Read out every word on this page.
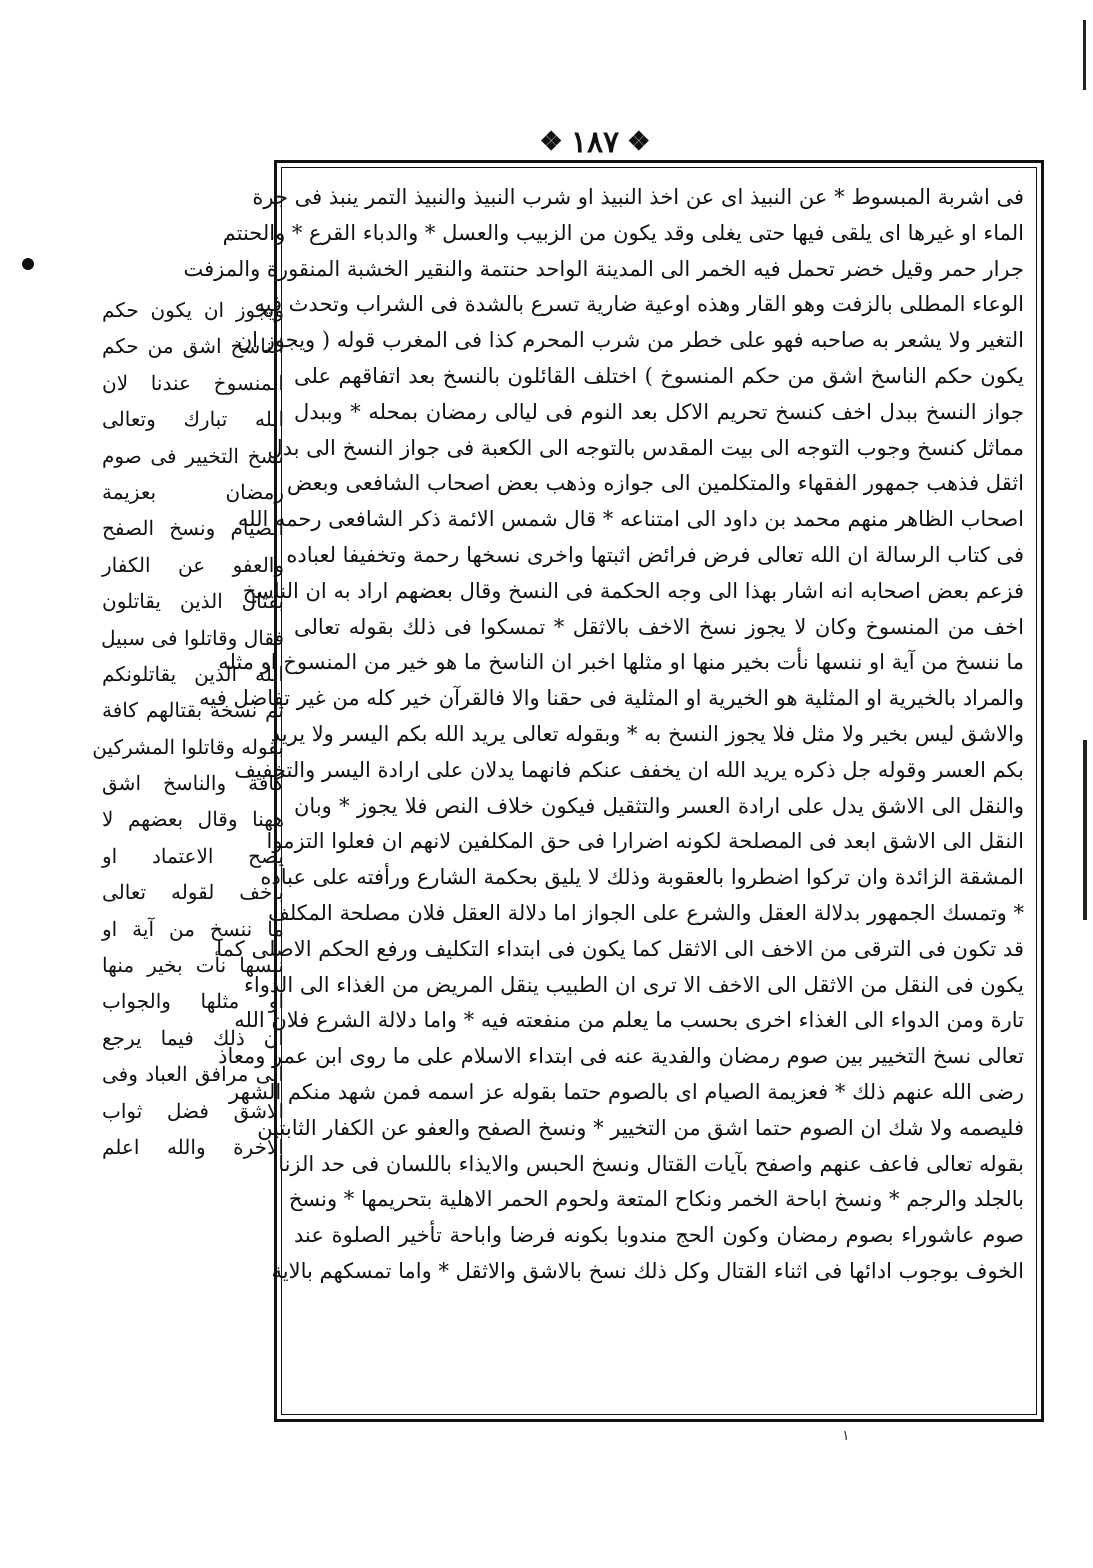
❖
١٨٧
❖
فى اشربة المبسوط * عن النبيذ اى عن اخذ النبيذ او شرب النبيذ والنبيذ التمر ينبذ فى جرة
الماء او غيرها اى يلقى فيها حتى يغلى وقد يكون من الزبيب والعسل * والدباء القرع * والحنتم
جرار حمر وقيل خضر تحمل فيه الخمر الى المدينة الواحد حنتمة والنقير الخشبة المنقورة والمزفت
الوعاء المطلى بالزفت وهو القار وهذه اوعية ضارية تسرع بالشدة فى الشراب وتحدث فيه
التغير ولا يشعر به صاحبه فهو على خطر من شرب المحرم كذا فى المغرب قوله ( ويجوز ان
يكون حكم الناسخ اشق من حكم المنسوخ ) اختلف القائلون بالنسخ بعد اتفاقهم على
جواز النسخ ببدل اخف كنسخ تحريم الاكل بعد النوم فى ليالى رمضان بمحله * وببدل
مماثل كنسخ وجوب التوجه الى بيت المقدس بالتوجه الى الكعبة فى جواز النسخ الى بدل
اثقل فذهب جمهور الفقهاء والمتكلمين الى جوازه وذهب بعض اصحاب الشافعى وبعض
اصحاب الظاهر منهم محمد بن داود الى امتناعه * قال شمس الائمة ذكر الشافعى رحمه الله
فى كتاب الرسالة ان الله تعالى فرض فرائض اثبتها واخرى نسخها رحمة وتخفيفا لعباده
فزعم بعض اصحابه انه اشار بهذا الى وجه الحكمة فى النسخ وقال بعضهم اراد به ان الناسخ
اخف من المنسوخ وكان لا يجوز نسخ الاخف بالاثقل * تمسكوا فى ذلك بقوله تعالى
ما ننسخ من آية او ننسها نأت بخير منها او مثلها اخبر ان الناسخ ما هو خير من المنسوخ او مثله
والمراد بالخيرية او المثلية هو الخيرية او المثلية فى حقنا والا فالقرآن خير كله من غير تفاضل فيه
والاشق ليس بخير ولا مثل فلا يجوز النسخ به * وبقوله تعالى يريد الله بكم اليسر ولا يريد
بكم العسر وقوله جل ذكره يريد الله ان يخفف عنكم فانهما يدلان على ارادة اليسر والتخفيف
والنقل الى الاشق يدل على ارادة العسر والتثقيل فيكون خلاف النص فلا يجوز * وبان
النقل الى الاشق ابعد فى المصلحة لكونه اضرارا فى حق المكلفين لانهم ان فعلوا التزموا
المشقة الزائدة وان تركوا اضطروا بالعقوبة وذلك لا يليق بحكمة الشارع ورأفته على عباده
* وتمسك الجمهور بدلالة العقل والشرع على الجواز اما دلالة العقل فلان مصلحة المكلف
قد تكون فى الترقى من الاخف الى الاثقل كما يكون فى ابتداء التكليف ورفع الحكم الاصلى كما
يكون فى النقل من الاثقل الى الاخف الا ترى ان الطبيب ينقل المريض من الغذاء الى الدواء
تارة ومن الدواء الى الغذاء اخرى بحسب ما يعلم من منفعته فيه * واما دلالة الشرع فلان الله
تعالى نسخ التخيير بين صوم رمضان والفدية عنه فى ابتداء الاسلام على ما روى ابن عمر ومعاذ
رضى الله عنهم ذلك * فعزيمة الصيام اى بالصوم حتما بقوله عز اسمه فمن شهد منكم الشهر
فليصمه ولا شك ان الصوم حتما اشق من التخيير * ونسخ الصفح والعفو عن الكفار الثابتين
بقوله تعالى فاعف عنهم واصفح بآيات القتال ونسخ الحبس والايذاء باللسان فى حد الزنا
بالجلد والرجم * ونسخ اباحة الخمر ونكاح المتعة ولحوم الحمر الاهلية بتحريمها * ونسخ
صوم عاشوراء بصوم رمضان وكون الحج مندوبا بكونه فرضا واباحة تأخير الصلوة عند
الخوف بوجوب ادائها فى اثناء القتال وكل ذلك نسخ بالاشق والاثقل * واما تمسكهم بالاية
ويجوز ان يكون حكم
الناسخ اشق من حكم
المنسوخ عندنا لان
الله تبارك وتعالى
نسخ التخيير فى صوم
رمضان بعزيمة
الصيام ونسخ الصفح
والعفو عن الكفار
بقتال الذين يقاتلون
فقال وقاتلوا فى سبيل
الله الذين يقاتلونكم
ثم نسخه بقتالهم كافة
بقوله وقاتلوا المشركين
كافة والناسخ اشق
ههنا وقال بعضهم لا
يصح الاعتماد او
باخف لقوله تعالى
ما ننسخ من آية او
ننسها نأت بخير منها
او مثلها والجواب
ان ذلك فيما يرجع
الى مرافق العباد وفى
الاشق فضل ثواب
الاخرة والله اعلم
١
